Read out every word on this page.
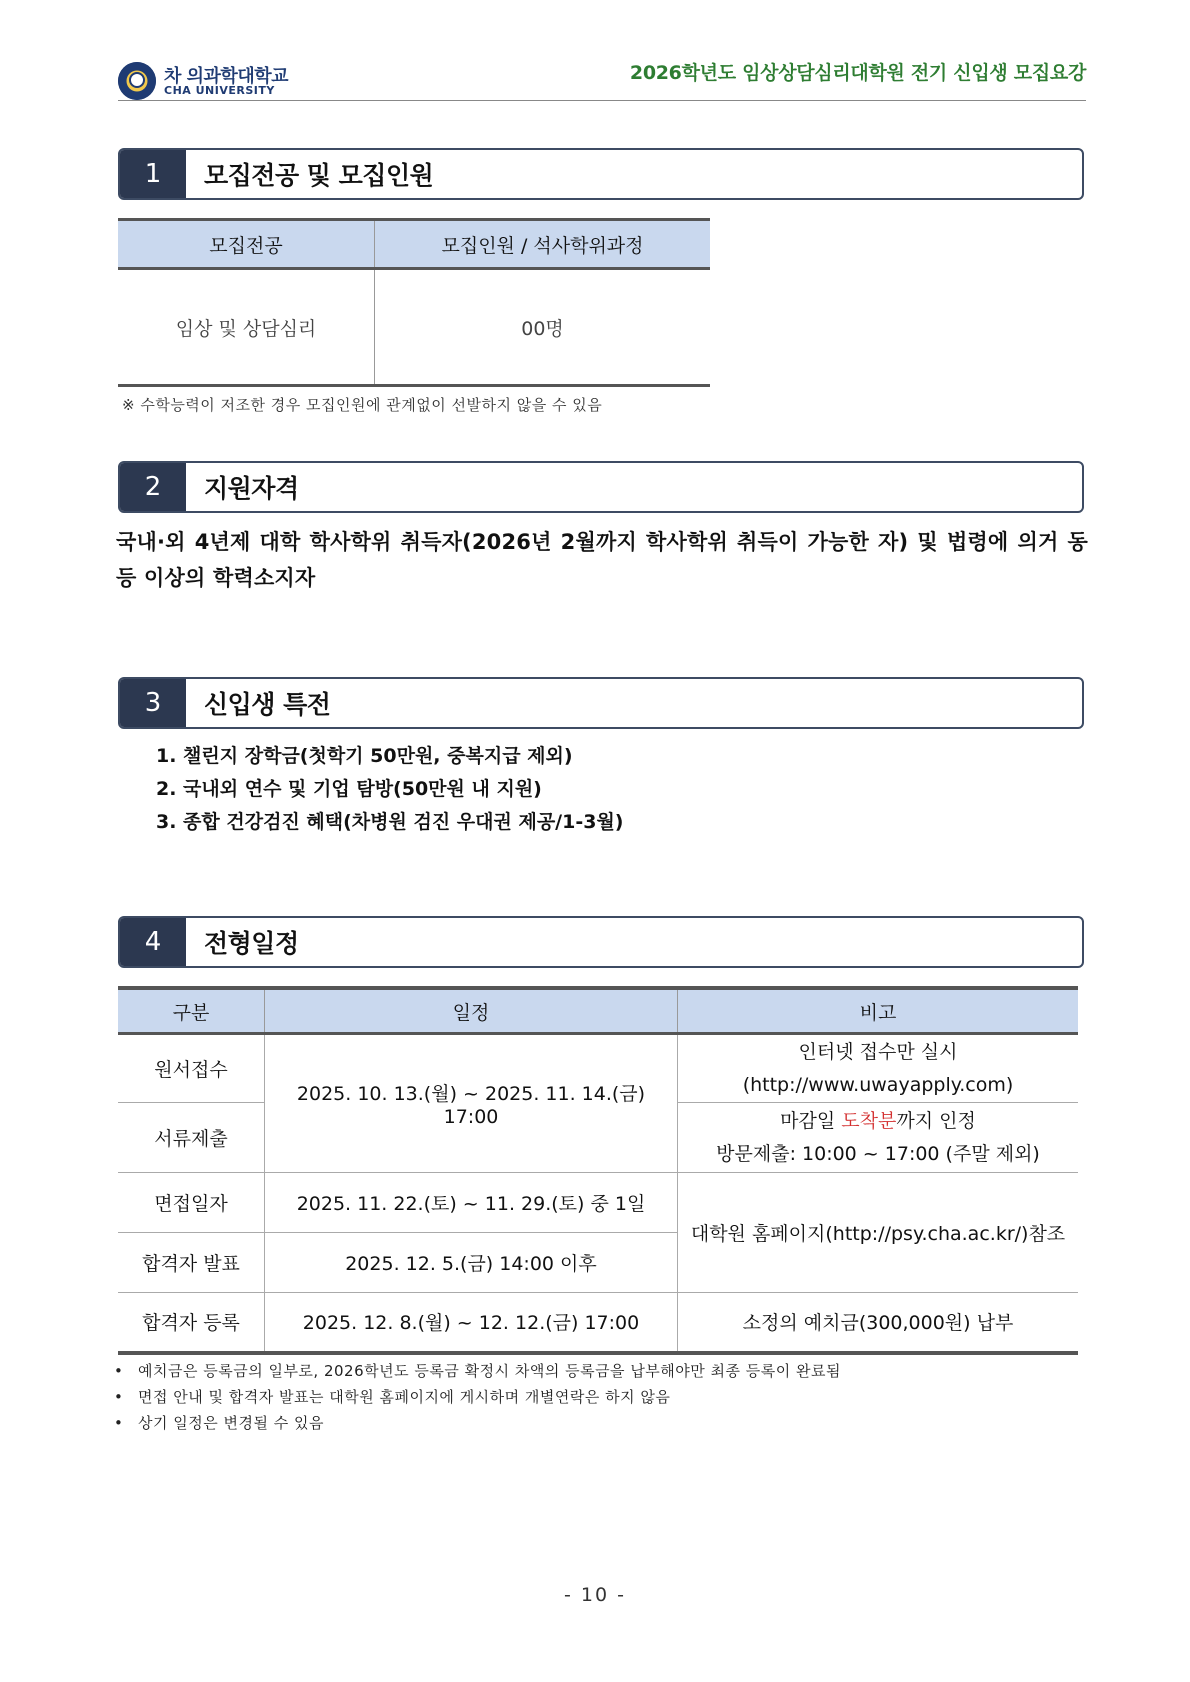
차 의과학대학교
CHA UNIVERSITY
2026학년도 임상상담심리대학원 전기 신입생 모집요강
1	모집전공 및 모집인원
모집전공	모집인원 / 석사학위과정
임상 및 상담심리	00명
※ 수학능력이 저조한 경우 모집인원에 관계없이 선발하지 않을 수 있음
2	지원자격
국내·외 4년제 대학 학사학위 취득자(2026년 2월까지 학사학위 취득이 가능한 자) 및 법령에 의거 동등 이상의 학력소지자
3	신입생 특전
1. 챌린지 장학금(첫학기 50만원, 중복지급 제외)
2. 국내외 연수 및 기업 탐방(50만원 내 지원)
3. 종합 건강검진 혜택(차병원 검진 우대권 제공/1-3월)
4	전형일정
구분	일정	비고
원서접수	2025. 10. 13.(월) ~ 2025. 11. 14.(금) 17:00	인터넷 접수만 실시
(http://www.uwayapply.com)

서류제출		마감일 도착분까지 인정
방문제출: 10:00 ~ 17:00 (주말 제외)

면접일자	2025. 11. 22.(토) ~ 11. 29.(토) 중 1일	대학원 홈페이지(http://psy.cha.ac.kr/)참조
합격자 발표	2025. 12. 5.(금) 14:00 이후	
합격자 등록	2025. 12. 8.(월) ~ 12. 12.(금) 17:00	소정의 예치금(300,000원) 납부
• 예치금은 등록금의 일부로, 2026학년도 등록금 확정시 차액의 등록금을 납부해야만 최종 등록이 완료됨
• 면접 안내 및 합격자 발표는 대학원 홈페이지에 게시하며 개별연락은 하지 않음
• 상기 일정은 변경될 수 있음
- 10 -
